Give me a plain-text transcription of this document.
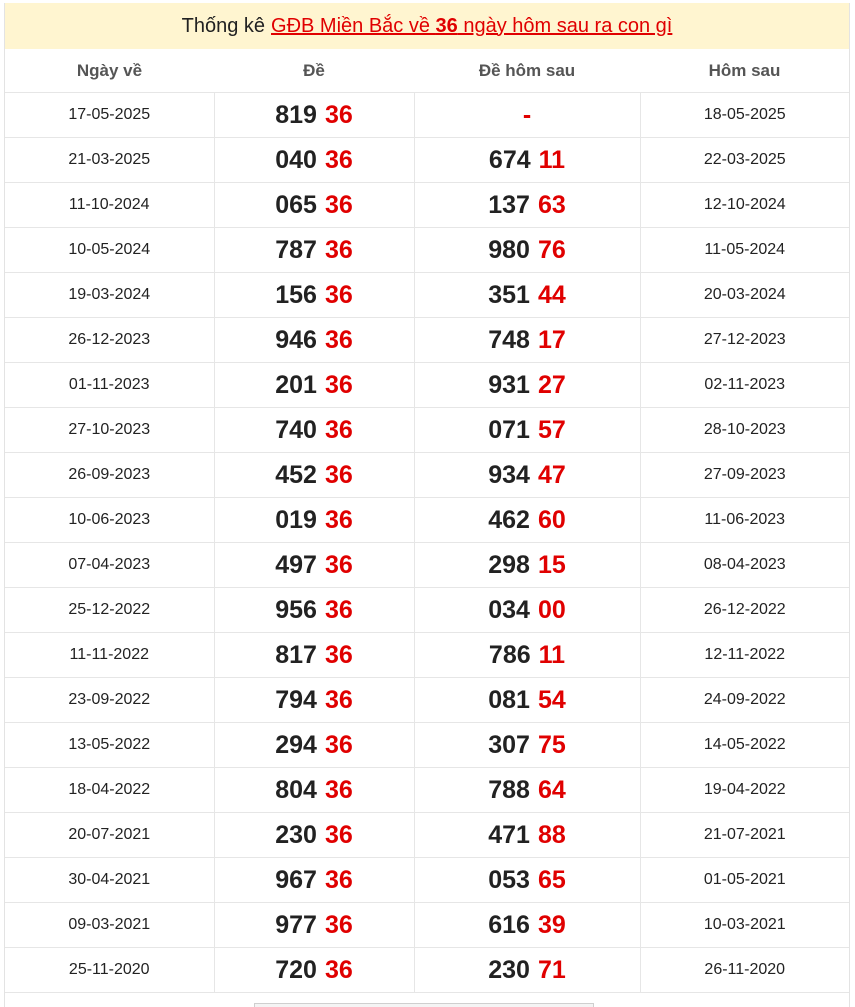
Thống kê GĐB Miền Bắc về 36 ngày hôm sau ra con gì
Ngày về	Đề	Đề hôm sau	Hôm sau
17-05-2025	819 36	-	18-05-2025
21-03-2025	040 36	674 11	22-03-2025
11-10-2024	065 36	137 63	12-10-2024
10-05-2024	787 36	980 76	11-05-2024
19-03-2024	156 36	351 44	20-03-2024
26-12-2023	946 36	748 17	27-12-2023
01-11-2023	201 36	931 27	02-11-2023
27-10-2023	740 36	071 57	28-10-2023
26-09-2023	452 36	934 47	27-09-2023
10-06-2023	019 36	462 60	11-06-2023
07-04-2023	497 36	298 15	08-04-2023
25-12-2022	956 36	034 00	26-12-2022
11-11-2022	817 36	786 11	12-11-2022
23-09-2022	794 36	081 54	24-09-2022
13-05-2022	294 36	307 75	14-05-2022
18-04-2022	804 36	788 64	19-04-2022
20-07-2021	230 36	471 88	21-07-2021
30-04-2021	967 36	053 65	01-05-2021
09-03-2021	977 36	616 39	10-03-2021
25-11-2020	720 36	230 71	26-11-2020
